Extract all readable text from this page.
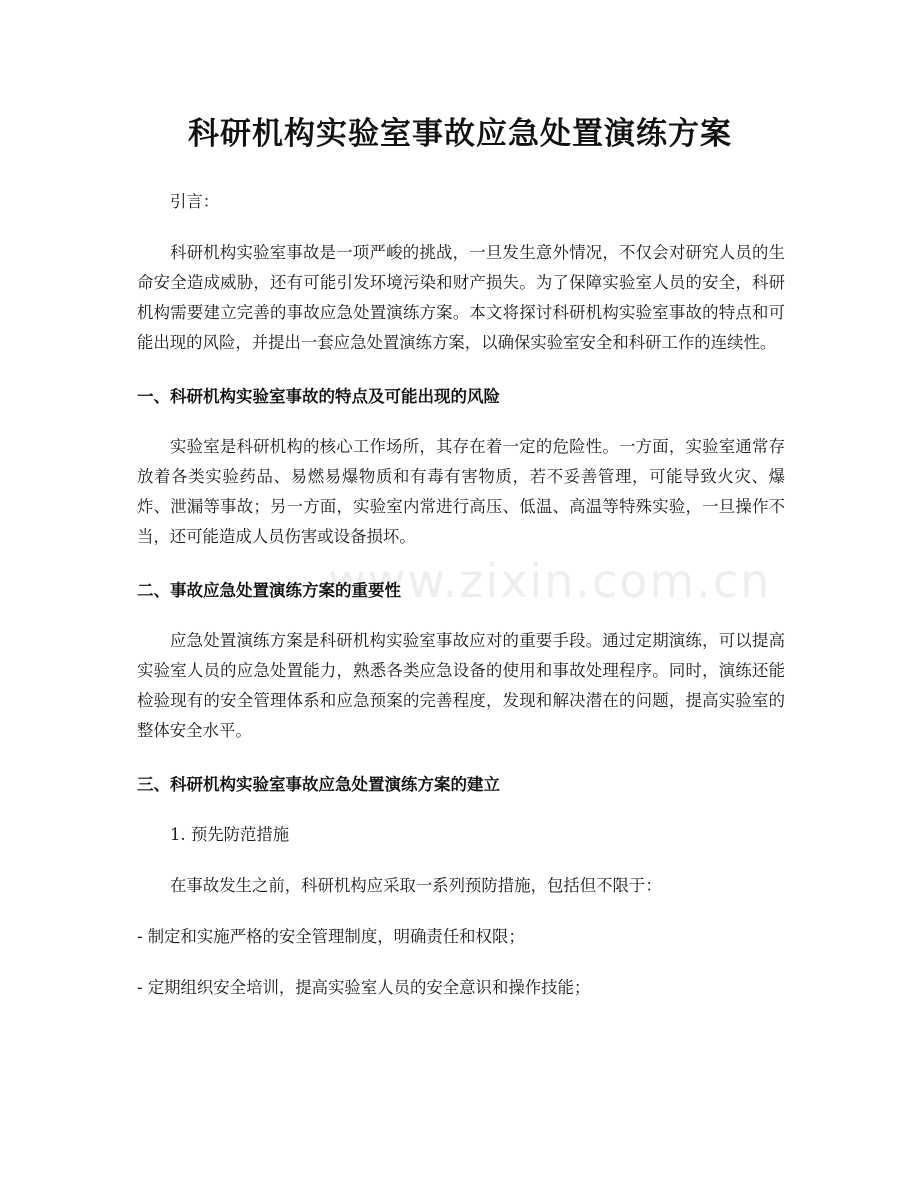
科研机构实验室事故应急处置演练方案
www.zixin.com.cn

引言：

科研机构实验室事故是一项严峻的挑战，一旦发生意外情况，不仅会对研究人员的生命安全造成威胁，还有可能引发环境污染和财产损失。为了保障实验室人员的安全，科研机构需要建立完善的事故应急处置演练方案。本文将探讨科研机构实验室事故的特点和可能出现的风险，并提出一套应急处置演练方案，以确保实验室安全和科研工作的连续性。

一、科研机构实验室事故的特点及可能出现的风险

实验室是科研机构的核心工作场所，其存在着一定的危险性。一方面，实验室通常存放着各类实验药品、易燃易爆物质和有毒有害物质，若不妥善管理，可能导致火灾、爆炸、泄漏等事故；另一方面，实验室内常进行高压、低温、高温等特殊实验，一旦操作不当，还可能造成人员伤害或设备损坏。

二、事故应急处置演练方案的重要性

应急处置演练方案是科研机构实验室事故应对的重要手段。通过定期演练，可以提高实验室人员的应急处置能力，熟悉各类应急设备的使用和事故处理程序。同时，演练还能检验现有的安全管理体系和应急预案的完善程度，发现和解决潜在的问题，提高实验室的整体安全水平。

三、科研机构实验室事故应急处置演练方案的建立

1. 预先防范措施

在事故发生之前，科研机构应采取一系列预防措施，包括但不限于：

- 制定和实施严格的安全管理制度，明确责任和权限；

- 定期组织安全培训，提高实验室人员的安全意识和操作技能；
